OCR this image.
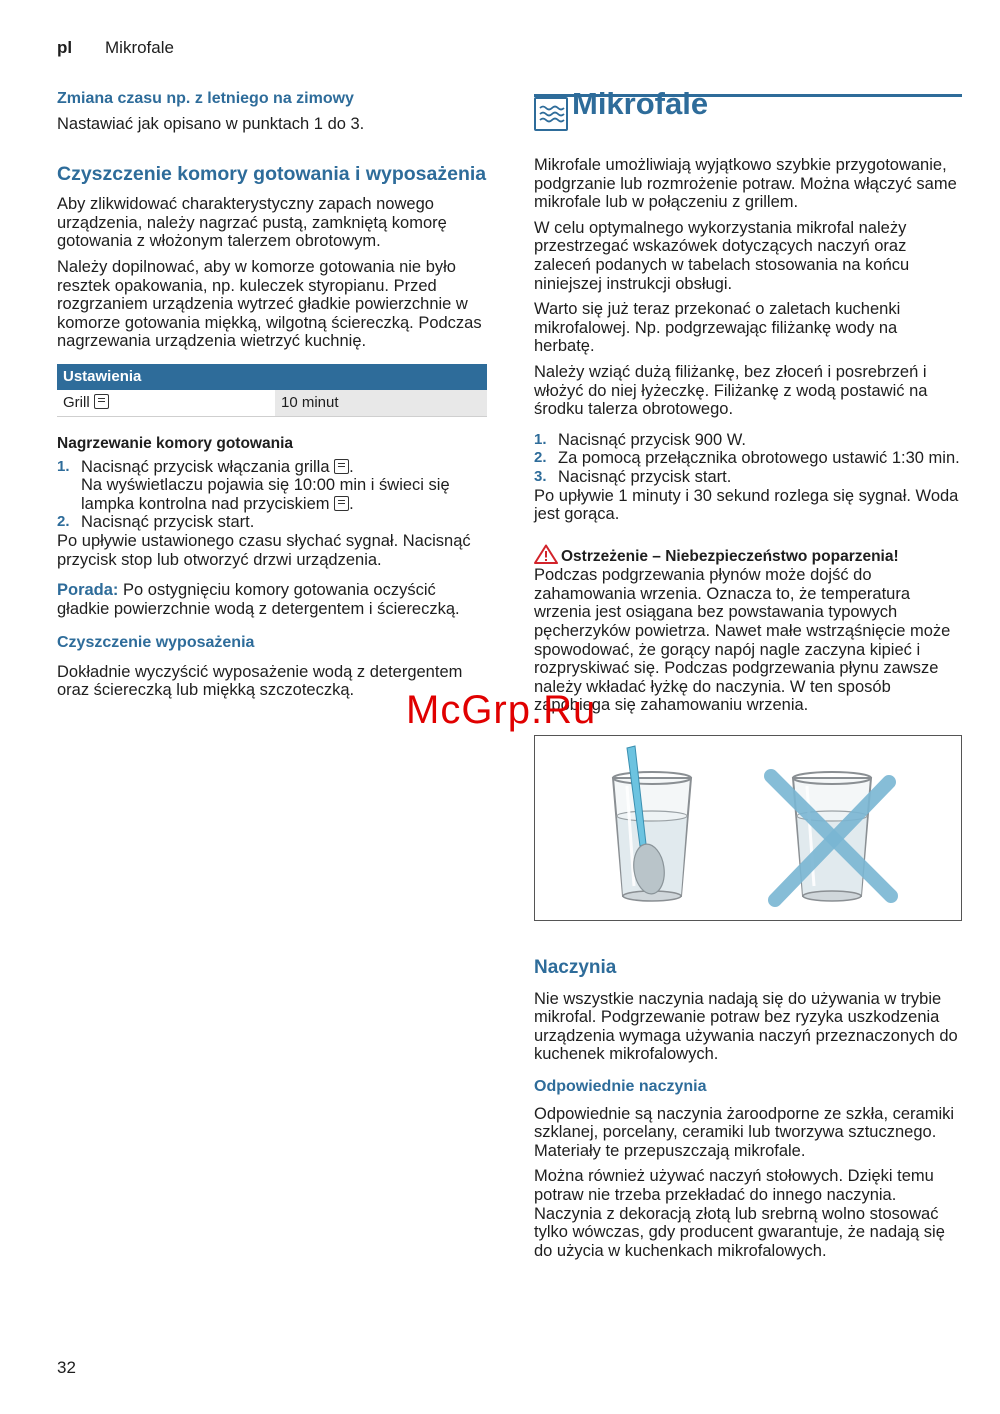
pl Mikrofale
Zmiana czasu np. z letniego na zimowy

Nastawiać jak opisano w punktach 1 do 3.

Czyszczenie komory gotowania i wyposażenia

Aby zlikwidować charakterystyczny zapach nowego urządzenia, należy nagrzać pustą, zamkniętą komorę gotowania z włożonym talerzem obrotowym.

Należy dopilnować, aby w komorze gotowania nie było resztek opakowania, np. kuleczek styropianu. Przed rozgrzaniem urządzenia wytrzeć gładkie powierzchnie w komorze gotowania miękką, wilgotną ściereczką. Podczas nagrzewania urządzenia wietrzyć kuchnię.

Ustawienia
Grill	10 minut
Nagrzewanie komory gotowania
1. Nacisnąć przycisk włączania grilla .
Na wyświetlaczu pojawia się 10:00 min i świeci się lampka kontrolna nad przyciskiem .
2. Nacisnąć przycisk start.

Po upływie ustawionego czasu słychać sygnał. Nacisnąć przycisk stop lub otworzyć drzwi urządzenia.

Porada: Po ostygnięciu komory gotowania oczyścić gładkie powierzchnie wodą z detergentem i ściereczką.

Czyszczenie wyposażenia

Dokładnie wyczyścić wyposażenie wodą z detergentem oraz ściereczką lub miękką szczoteczką.

Mikrofale

Mikrofale umożliwiają wyjątkowo szybkie przygotowanie, podgrzanie lub rozmrożenie potraw. Można włączyć same mikrofale lub w połączeniu z grillem.

W celu optymalnego wykorzystania mikrofal należy przestrzegać wskazówek dotyczących naczyń oraz zaleceń podanych w tabelach stosowania na końcu niniejszej instrukcji obsługi.

Warto się już teraz przekonać o zaletach kuchenki mikrofalowej. Np. podgrzewając filiżankę wody na herbatę.

Należy wziąć dużą filiżankę, bez złoceń i posrebrzeń i włożyć do niej łyżeczkę. Filiżankę z wodą postawić na środku talerza obrotowego.

1. Nacisnąć przycisk 900 W.
2. Za pomocą przełącznika obrotowego ustawić 1:30 min.
3. Nacisnąć przycisk start.

Po upływie 1 minuty i 30 sekund rozlega się sygnał. Woda jest gorąca.

Ostrzeżenie – Niebezpieczeństwo poparzenia!
Podczas podgrzewania płynów może dojść do zahamowania wrzenia. Oznacza to, że temperatura wrzenia jest osiągana bez powstawania typowych pęcherzyków powietrza. Nawet małe wstrząśnięcie może spowodować, że gorący napój nagle zaczyna kipieć i rozpryskiwać się. Podczas podgrzewania płynu zawsze należy wkładać łyżkę do naczynia. W ten sposób zapobiega się zahamowaniu wrzenia.
Naczynia

Nie wszystkie naczynia nadają się do używania w trybie mikrofal. Podgrzewanie potraw bez ryzyka uszkodzenia urządzenia wymaga używania naczyń przeznaczonych do kuchenek mikrofalowych.

Odpowiednie naczynia

Odpowiednie są naczynia żaroodporne ze szkła, ceramiki szklanej, porcelany, ceramiki lub tworzywa sztucznego. Materiały te przepuszczają mikrofale.

Można również używać naczyń stołowych. Dzięki temu potraw nie trzeba przekładać do innego naczynia. Naczynia z dekoracją złotą lub srebrną wolno stosować tylko wówczas, gdy producent gwarantuje, że nadają się do użycia w kuchenkach mikrofalowych.

32
McGrp.Ru
